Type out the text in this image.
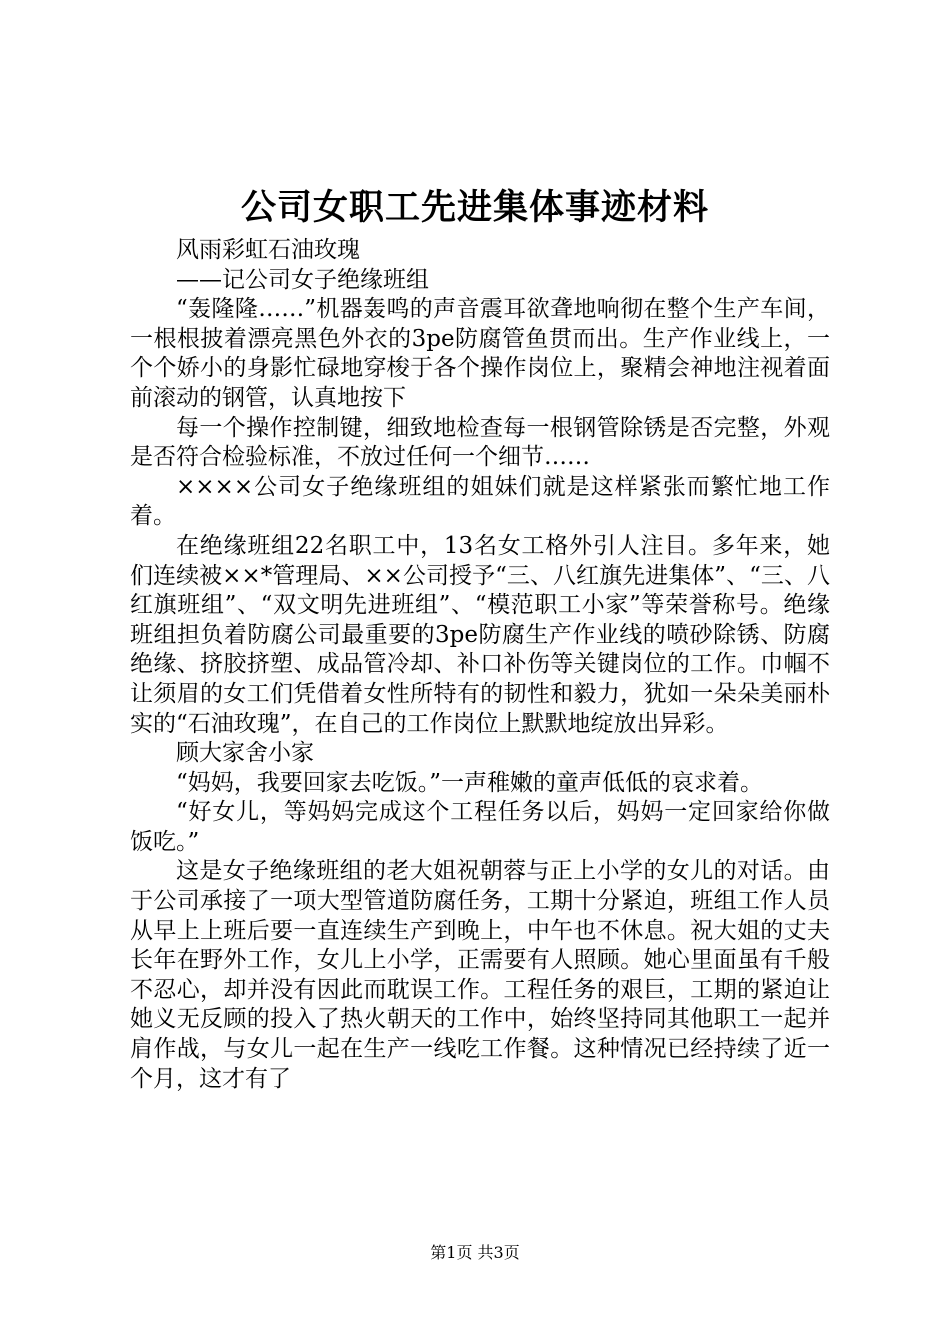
公司女职工先进集体事迹材料

风雨彩虹石油玫瑰

——记公司女子绝缘班组

“轰隆隆……”机器轰鸣的声音震耳欲聋地响彻在整个生产车间，一根根披着漂亮黑色外衣的3pe防腐管鱼贯而出。生产作业线上，一个个娇小的身影忙碌地穿梭于各个操作岗位上，聚精会神地注视着面前滚动的钢管，认真地按下

每一个操作控制键，细致地检查每一根钢管除锈是否完整，外观是否符合检验标准，不放过任何一个细节……

××××公司女子绝缘班组的姐妹们就是这样紧张而繁忙地工作着。

在绝缘班组22名职工中，13名女工格外引人注目。多年来，她们连续被××*管理局、××公司授予“三、八红旗先进集体”、“三、八红旗班组”、“双文明先进班组”、“模范职工小家”等荣誉称号。绝缘班组担负着防腐公司最重要的3pe防腐生产作业线的喷砂除锈、防腐绝缘、挤胶挤塑、成品管冷却、补口补伤等关键岗位的工作。巾帼不让须眉的女工们凭借着女性所特有的韧性和毅力，犹如一朵朵美丽朴实的“石油玫瑰”，在自己的工作岗位上默默地绽放出异彩。

顾大家舍小家

“妈妈，我要回家去吃饭。”一声稚嫩的童声低低的哀求着。

“好女儿，等妈妈完成这个工程任务以后，妈妈一定回家给你做饭吃。”

这是女子绝缘班组的老大姐祝朝蓉与正上小学的女儿的对话。由于公司承接了一项大型管道防腐任务，工期十分紧迫，班组工作人员从早上上班后要一直连续生产到晚上，中午也不休息。祝大姐的丈夫长年在野外工作，女儿上小学，正需要有人照顾。她心里面虽有千般不忍心，却并没有因此而耽误工作。工程任务的艰巨，工期的紧迫让她义无反顾的投入了热火朝天的工作中，始终坚持同其他职工一起并肩作战，与女儿一起在生产一线吃工作餐。这种情况已经持续了近一个月，这才有了

第1页 共3页
